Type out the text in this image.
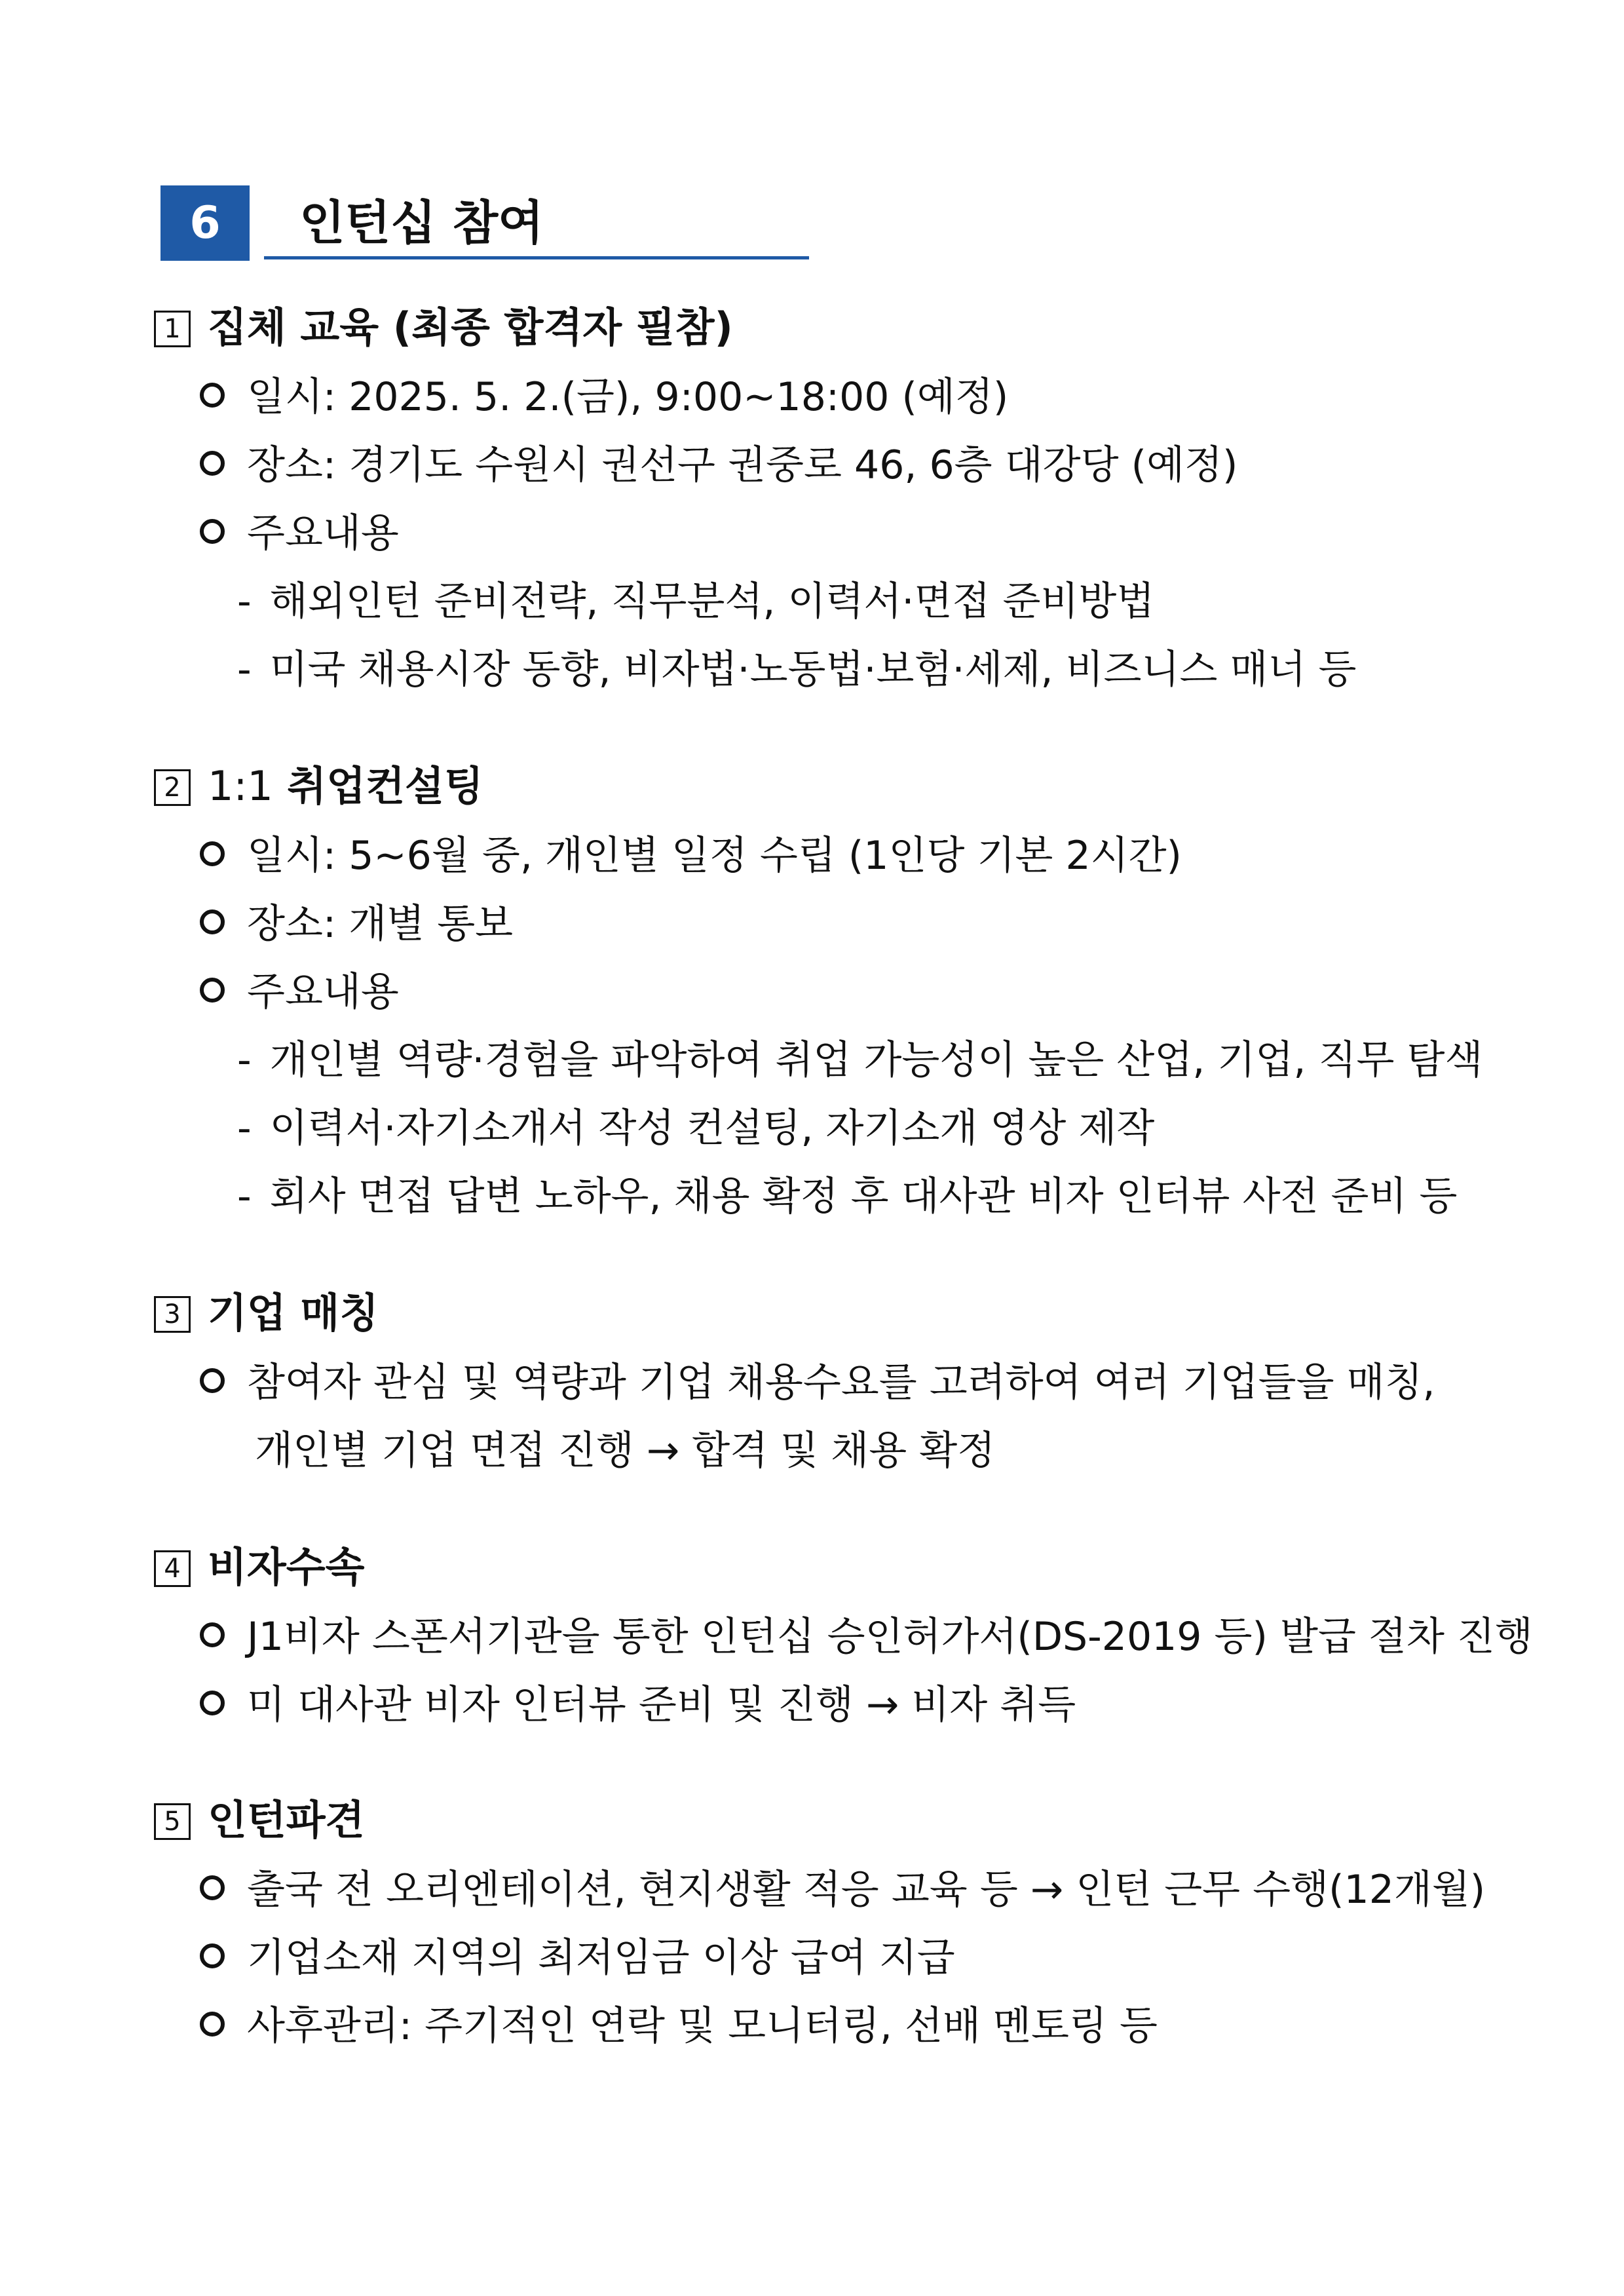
6	인턴십 참여
1 집체 교육 (최종 합격자 필참)
일시: 2025. 5. 2.(금), 9:00~18:00 (예정)
장소: 경기도 수원시 권선구 권중로 46, 6층 대강당 (예정)
주요내용
- 해외인턴 준비전략, 직무분석, 이력서·면접 준비방법
- 미국 채용시장 동향, 비자법·노동법·보험·세제, 비즈니스 매너 등
2 1:1 취업컨설팅
일시: 5~6월 중, 개인별 일정 수립 (1인당 기본 2시간)
장소: 개별 통보
주요내용
- 개인별 역량·경험을 파악하여 취업 가능성이 높은 산업, 기업, 직무 탐색
- 이력서·자기소개서 작성 컨설팅, 자기소개 영상 제작
- 회사 면접 답변 노하우, 채용 확정 후 대사관 비자 인터뷰 사전 준비 등
3 기업 매칭
참여자 관심 및 역량과 기업 채용수요를 고려하여 여러 기업들을 매칭,
개인별 기업 면접 진행 → 합격 및 채용 확정
4 비자수속
J1비자 스폰서기관을 통한 인턴십 승인허가서(DS-2019 등) 발급 절차 진행
미 대사관 비자 인터뷰 준비 및 진행 → 비자 취득
5 인턴파견
출국 전 오리엔테이션, 현지생활 적응 교육 등 → 인턴 근무 수행(12개월)
기업소재 지역의 최저임금 이상 급여 지급
사후관리: 주기적인 연락 및 모니터링, 선배 멘토링 등
